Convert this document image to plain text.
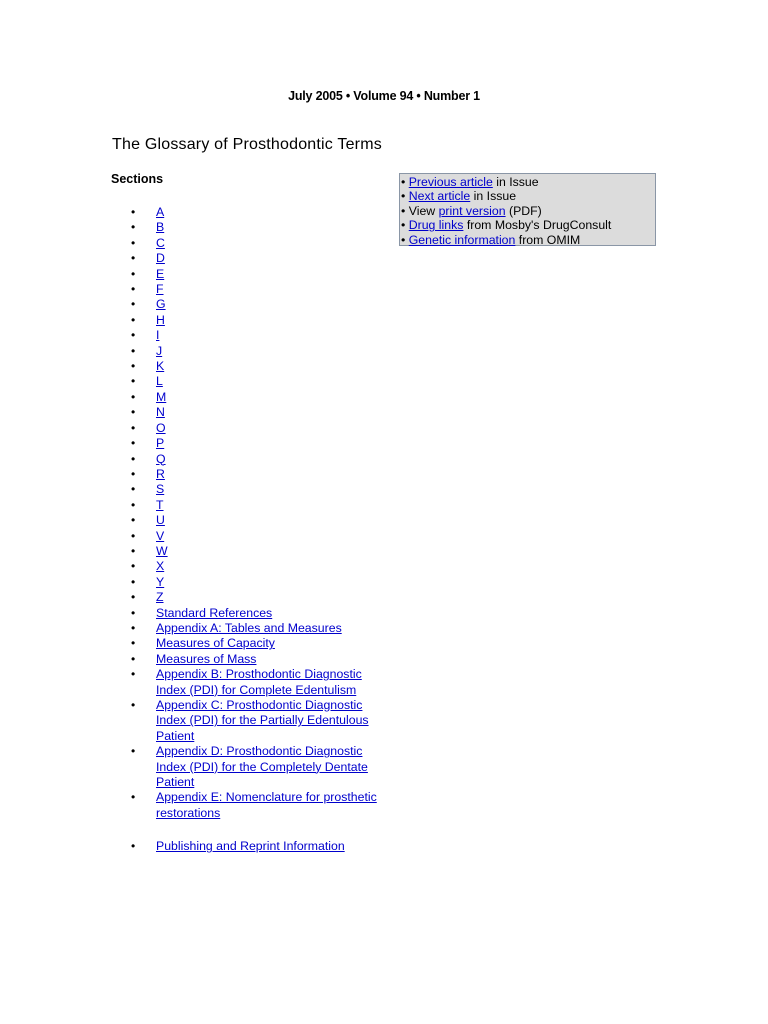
July 2005 • Volume 94 • Number 1
The Glossary of Prosthodontic Terms
Sections	• Previous article in Issue
• Next article in Issue
• View print version (PDF)
• Drug links from Mosby's DrugConsult
• Genetic information from OMIM
• A
• B
• C
• D
• E
• F
• G
• H
• I
• J
• K
• L
• M
• N
• O
• P
• Q
• R
• S
• T
• U
• V
• W
• X
• Y
• Z
• Standard References
• Appendix A: Tables and Measures
• Measures of Capacity
• Measures of Mass
• Appendix B: Prosthodontic Diagnostic Index (PDI) for Complete Edentulism
• Appendix C: Prosthodontic Diagnostic Index (PDI) for the Partially Edentulous Patient
• Appendix D: Prosthodontic Diagnostic Index (PDI) for the Completely Dentate Patient
• Appendix E: Nomenclature for prosthetic restorations
• Publishing and Reprint Information
